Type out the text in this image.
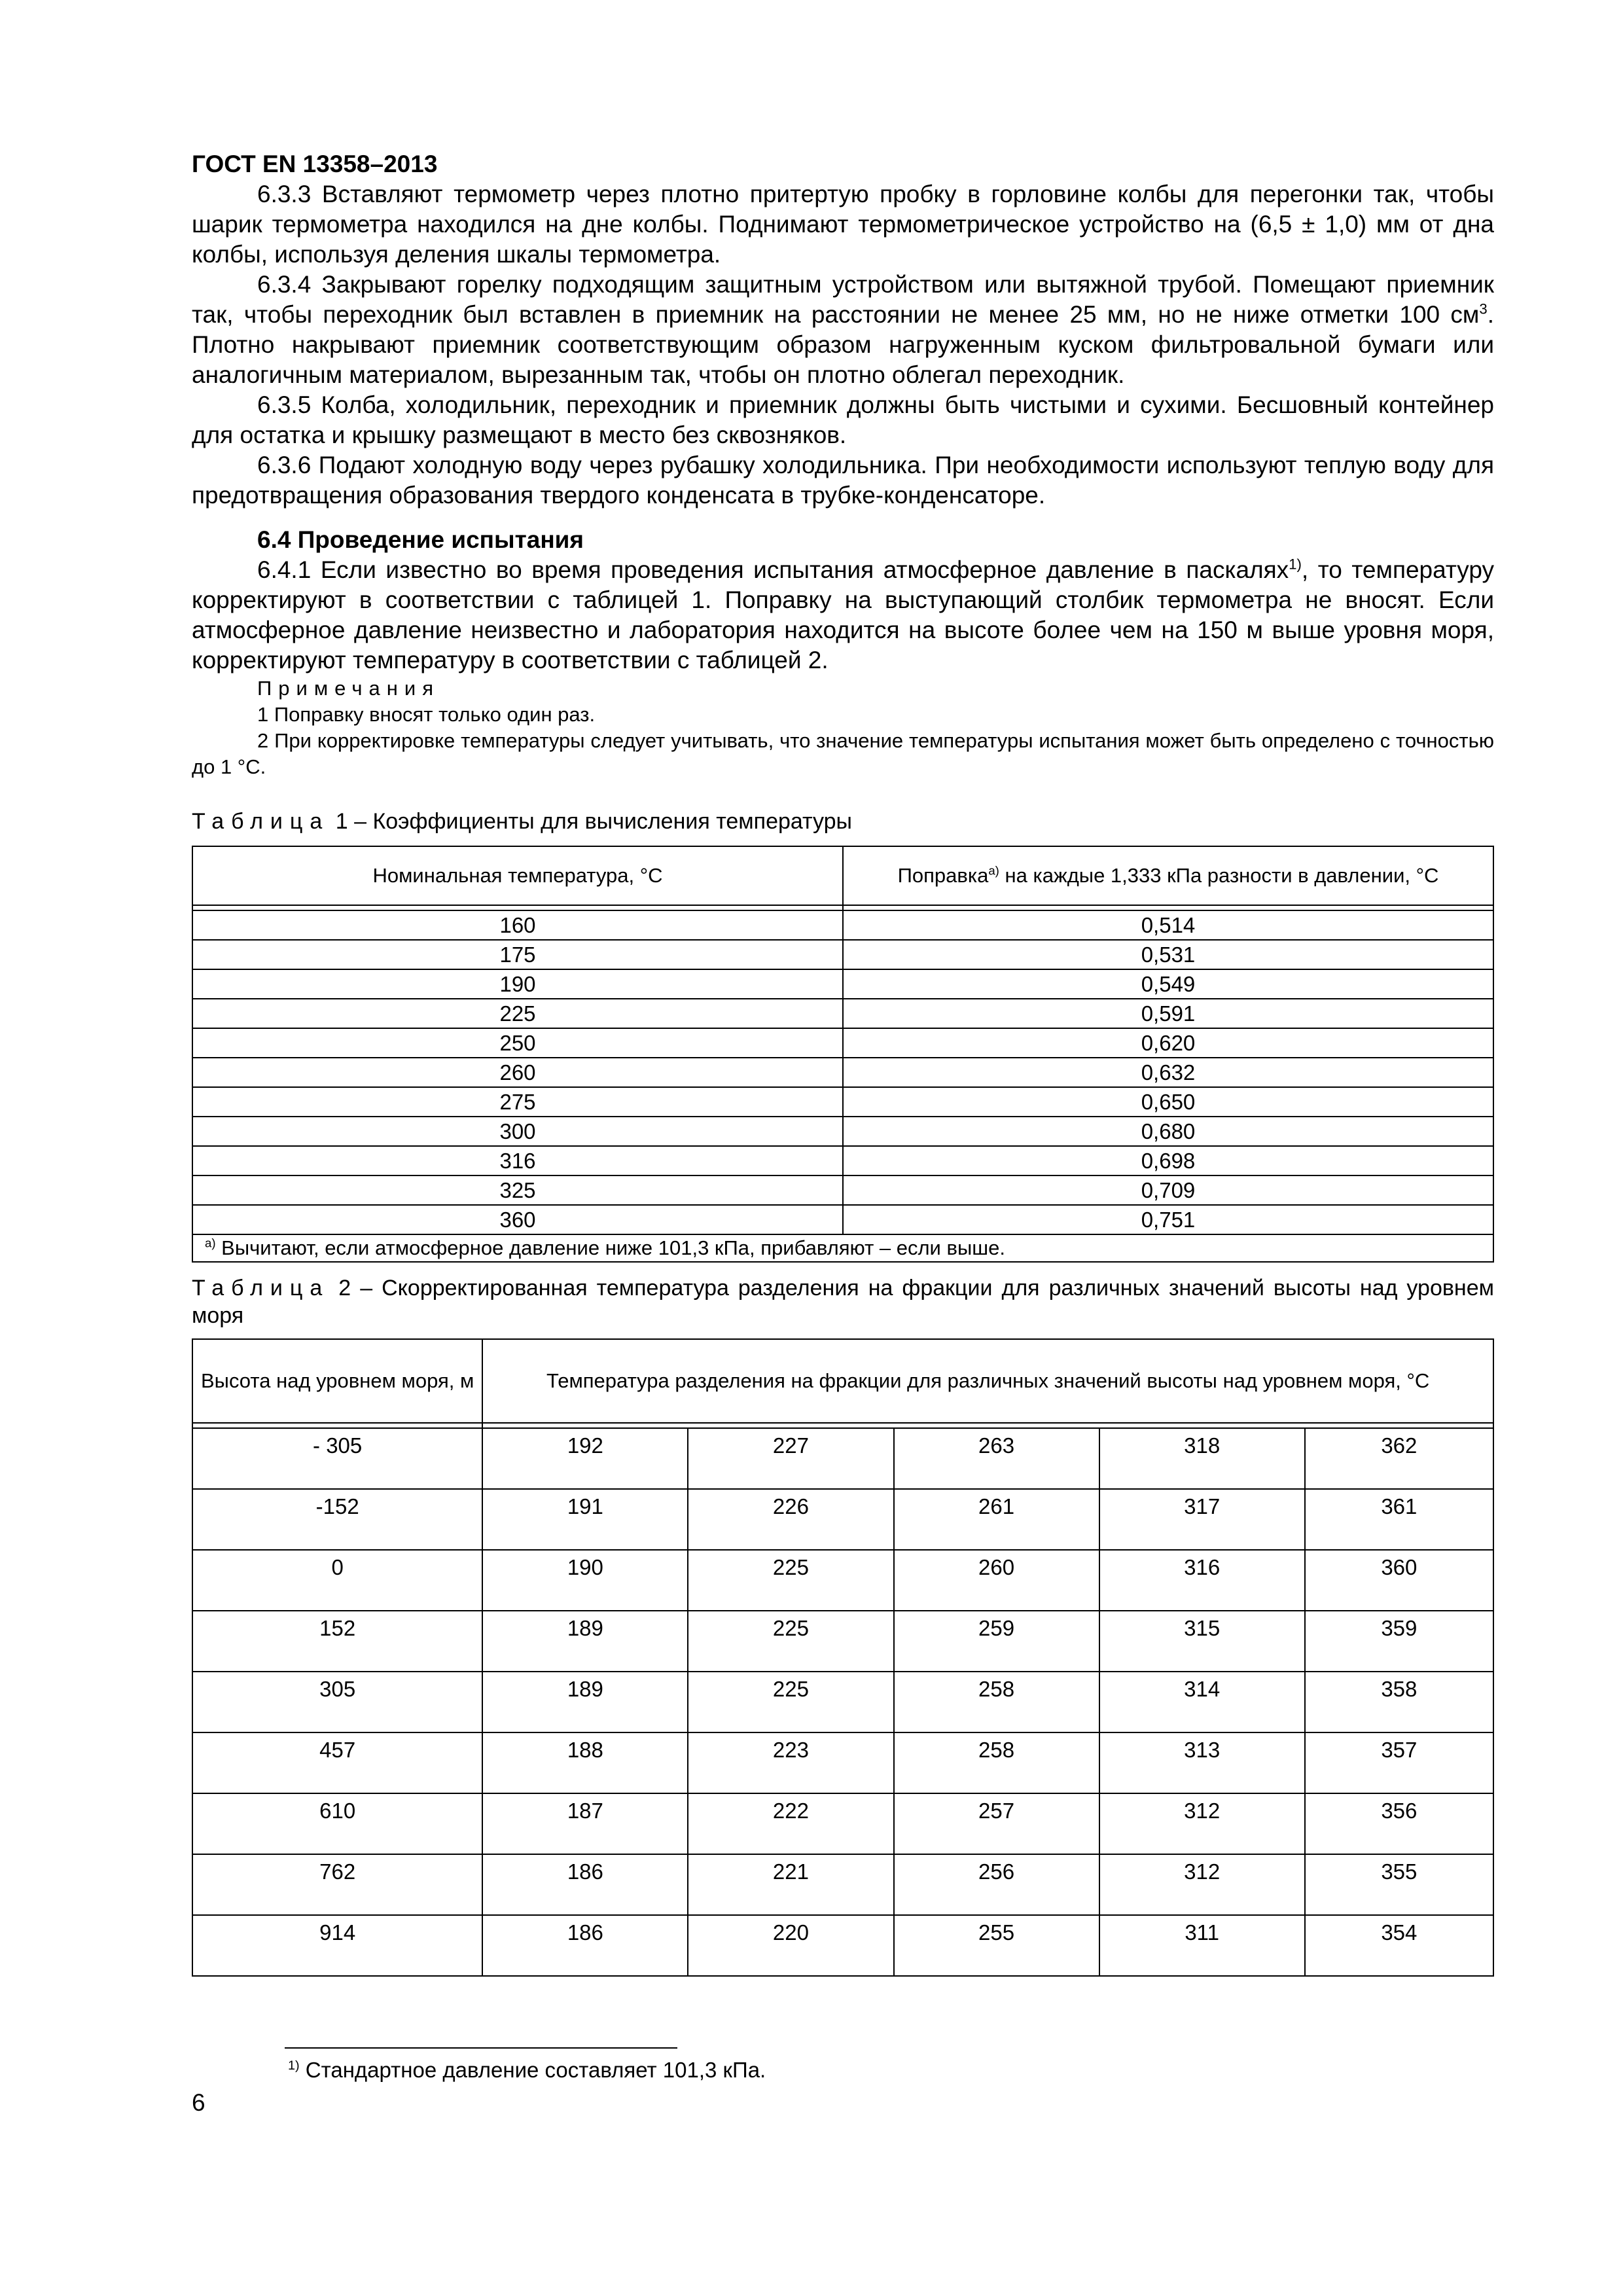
ГОСТ EN 13358–2013

6.3.3 Вставляют термометр через плотно притертую пробку в горловине колбы для перегонки так, чтобы шарик термометра находился на дне колбы. Поднимают термометрическое устройство на (6,5 ± 1,0) мм от дна колбы, используя деления шкалы термометра.

6.3.4 Закрывают горелку подходящим защитным устройством или вытяжной трубой. Помещают приемник так, чтобы переходник был вставлен в приемник на расстоянии не менее 25 мм, но не ниже отметки 100 $см^3$. Плотно накрывают приемник соответствующим образом нагруженным куском фильтровальной бумаги или аналогичным материалом, вырезанным так, чтобы он плотно облегал переходник.

6.3.5 Колба, холодильник, переходник и приемник должны быть чистыми и сухими. Бесшовный контейнер для остатка и крышку размещают в место без сквозняков.

6.3.6 Подают холодную воду через рубашку холодильника. При необходимости используют теплую воду для предотвращения образования твердого конденсата в трубке-конденсаторе.

6.4 Проведение испытания

6.4.1 Если известно во время проведения испытания атмосферное давление в паскалях$^{1)}$, то температуру корректируют в соответствии с таблицей 1. Поправку на выступающий столбик термометра не вносят. Если атмосферное давление неизвестно и лаборатория находится на высоте более чем на 150 м выше уровня моря, корректируют температуру в соответствии с таблицей 2.

Примечания

1 Поправку вносят только один раз.

2 При корректировке температуры следует учитывать, что значение температуры испытания может быть определено с точностью до 1 °С.

Таблица 1 – Коэффициенты для вычисления температуры
Номинальная температура, °С	Поправка$^{а)}$ на каждые 1,333 кПа разности в давлении, °С

160	0,514
175	0,531
190	0,549
225	0,591
250	0,620
260	0,632
275	0,650
300	0,680
316	0,698
325	0,709
360	0,751
$^{а)}$ Вычитают, если атмосферное давление ниже 101,3 кПа, прибавляют – если выше.	
Таблица 2 – Скорректированная температура разделения на фракции для различных значений высоты над уровнем моря
Высота над уровнем моря, м	Температура разделения на фракции для различных значений высоты над уровнем моря, °С				

- 305	192	227	263	318	362
-152	191	226	261	317	361
0	190	225	260	316	360
152	189	225	259	315	359
305	189	225	258	314	358
457	188	223	258	313	357
610	187	222	257	312	356
762	186	221	256	312	355
914	186	220	255	311	354
$^{1)}$ Стандартное давление составляет 101,3 кПа.
6
